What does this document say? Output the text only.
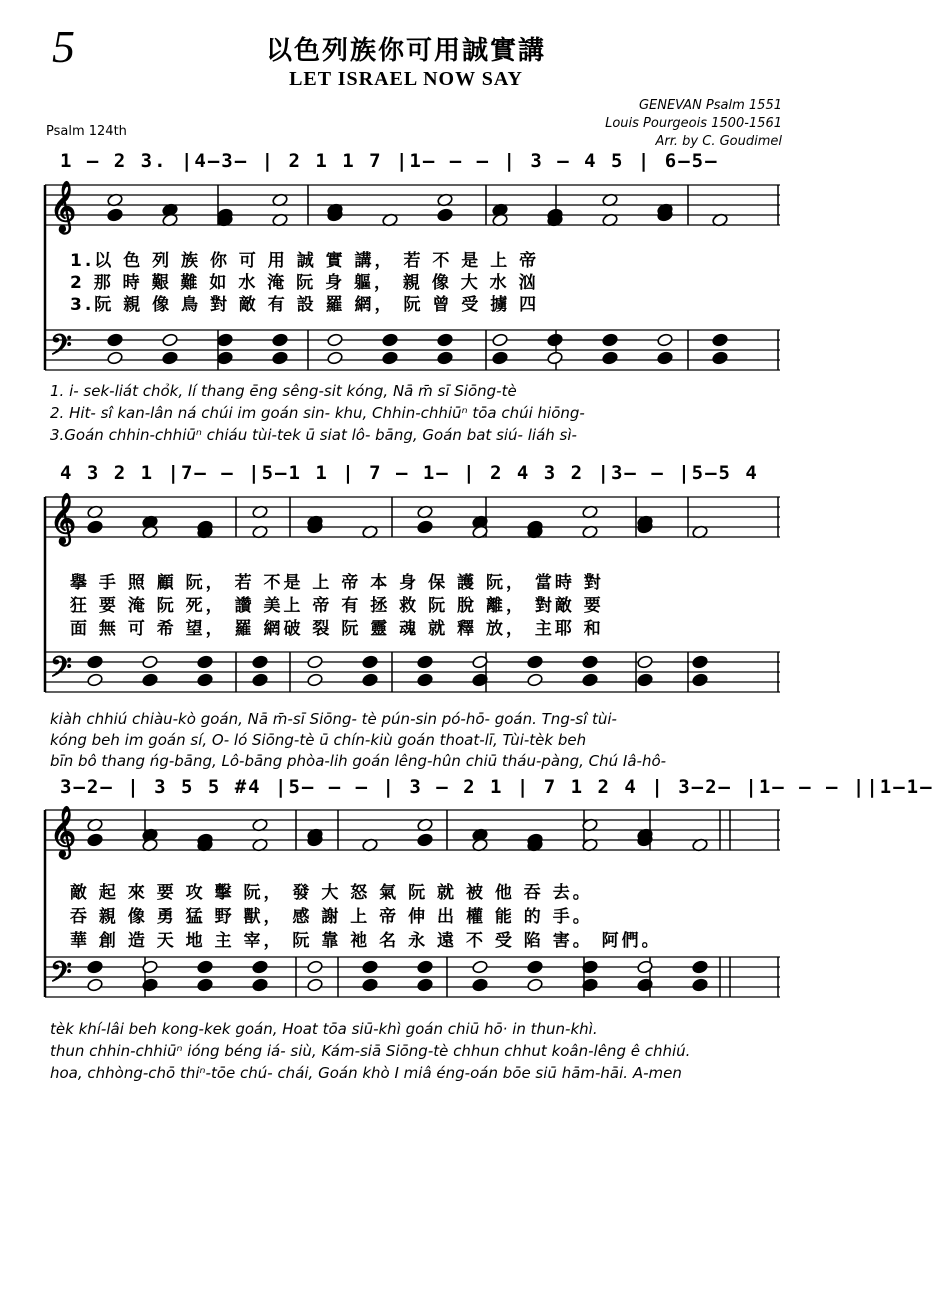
5	以色列族你可用誠實講
LET ISRAEL NOW SAY
GENEVAN Psalm 1551
Louis Pourgeois 1500-1561
Arr. by C. Goudimel
Psalm 124th
1 — 2 3. |4—3— | 2 1 1 7 |1— — — | 3 — 4 5 | 6—5—
1.以 色 列 族 你 可 用 誠 實 講， 若 不 是 上 帝
2 那 時 艱 難 如 水 淹 阮 身 軀， 親 像 大 水 汹
3.阮 親 像 鳥 對 敵 有 設 羅 網， 阮 曾 受 擄 四
1. i- sek-liát chỏk, lí thang ēng sêng-sit kóng, Nā m̄ sī Siōng-tè
2. Hit- sî kan-lân ná chúi im goán sin- khu, Chhin-chhiūⁿ tōa chúi hiōng-
3.Goán chhin-chhiūⁿ chiáu tùi-tek ū siat lô- bāng, Goán bat siú- liáh sì-
4 3 2 1 |7— — |5—1 1 | 7 — 1— | 2 4 3 2 |3— — |5—5 4
擧 手 照 顧 阮， 若 不是 上 帝 本 身 保 護 阮， 當時 對
狂 要 淹 阮 死， 讚 美上 帝 有 拯 救 阮 脫 離， 對敵 要
面 無 可 希 望， 羅 網破 裂 阮 靈 魂 就 釋 放， 主耶 和
kiàh chhiú chiàu-kò goán, Nā m̄-sī Siōng- tè pún-sin pó-hō- goán. Tng-sî tùi-
kóng beh im goán sí, O- ló Siōng-tè ū chín-kiù goán thoat-lī, Tùi-tèk beh
bīn bô thang ńg-bāng, Lô-bāng phòa-lih goán lêng-hûn chiū tháu-pàng, Chú Iâ-hô-
3—2— | 3 5 5 #4 |5— — — | 3 — 2 1 | 7 1 2 4 | 3—2— |1— — — ||1—1—
敵 起 來 要 攻 擊 阮， 發 大 怒 氣 阮 就 被 他 吞 去。
吞 親 像 勇 猛 野 獸， 感 謝 上 帝 伸 出 權 能 的 手。
華 創 造 天 地 主 宰， 阮 靠 祂 名 永 遠 不 受 陷 害。 阿們。
tèk khí-lâi beh kong-kek goán, Hoat tōa siū-khì goán chiū hō· in thun-khì.
thun chhin-chhiūⁿ ióng béng iá- siù, Kám-siā Siōng-tè chhun chhut koân-lêng ê chhiú.
hoa, chhòng-chō thiⁿ-tōe chú- chái, Goán khò I miâ éng-oán bōe siū hām-hāi. A-men
𝄞
𝄢
𝄞
𝄢
𝄞
𝄢
